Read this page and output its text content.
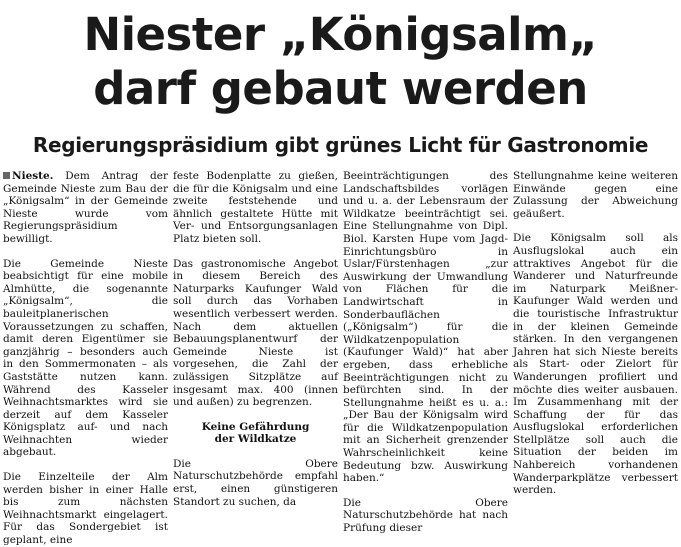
Niester „Königsalm„
darf gebaut werden
Regierungspräsidium gibt grünes Licht für Gastronomie

Nieste. Dem Antrag der Gemeinde Nieste zum Bau der „Königsalm“ in der Gemeinde Nieste wurde vom Regierungspräsidium bewilligt.

Die Gemeinde Nieste beabsichtigt für eine mobile Almhütte, die sogenannte „Königsalm“, die bauleitplanerischen Voraussetzungen zu schaffen, damit deren Eigentümer sie ganzjährig – besonders auch in den Sommermonaten – als Gaststätte nutzen kann. Während des Kasseler Weihnachtsmarktes wird sie derzeit auf dem Kasseler Königsplatz auf- und nach Weihnachten wieder abgebaut.

Die Einzelteile der Alm werden bisher in einer Halle bis zum nächsten Weihnachtsmarkt eingelagert. Für das Sondergebiet ist geplant, eine

feste Bodenplatte zu gießen, die für die Königsalm und eine zweite feststehende und ähnlich gestaltete Hütte mit Ver- und Entsorgungsanlagen Platz bieten soll.

Das gastronomische Angebot in diesem Bereich des Naturparks Kaufunger Wald soll durch das Vorhaben wesentlich verbessert werden. Nach dem aktuellen Bebauungsplanentwurf der Gemeinde Nieste ist vorgesehen, die Zahl der zulässigen Sitzplätze auf insgesamt max. 400 (innen und außen) zu begrenzen.

Keine Gefährdung
der Wildkatze

Die Obere Naturschutzbehörde empfahl erst, einen günstigeren Standort zu suchen, da

Beeinträchtigungen des Landschaftsbildes vorlägen und u. a. der Lebensraum der Wildkatze beeinträchtigt sei. Eine Stellungnahme von Dipl. Biol. Karsten Hupe vom Jagd-Einrichtungsbüro in Uslar/Fürstenhagen „zur Auswirkung der Umwandlung von Flächen für die Landwirtschaft in Sonderbauflächen („Königsalm“) für die Wildkatzenpopulation (Kaufunger Wald)“ hat aber ergeben, dass erhebliche Beeinträchtigungen nicht zu befürchten sind. In der Stellungnahme heißt es u. a.: „Der Bau der Königsalm wird für die Wildkatzenpopulation mit an Sicherheit grenzender Wahrscheinlichkeit keine Bedeutung bzw. Auswirkung haben.“

Die Obere Naturschutzbehörde hat nach Prüfung dieser

Stellungnahme keine weiteren Einwände gegen eine Zulassung der Abweichung geäußert.

Die Königsalm soll als Ausflugslokal auch ein attraktives Angebot für die Wanderer und Naturfreunde im Naturpark Meißner-Kaufunger Wald werden und die touristische Infrastruktur in der kleinen Gemeinde stärken. In den vergangenen Jahren hat sich Nieste bereits als Start- oder Zielort für Wanderungen profiliert und möchte dies weiter ausbauen. Im Zusammenhang mit der Schaffung der für das Ausflugslokal erforderlichen Stellplätze soll auch die Situation der beiden im Nahbereich vorhandenen Wanderparkplätze verbessert werden.
